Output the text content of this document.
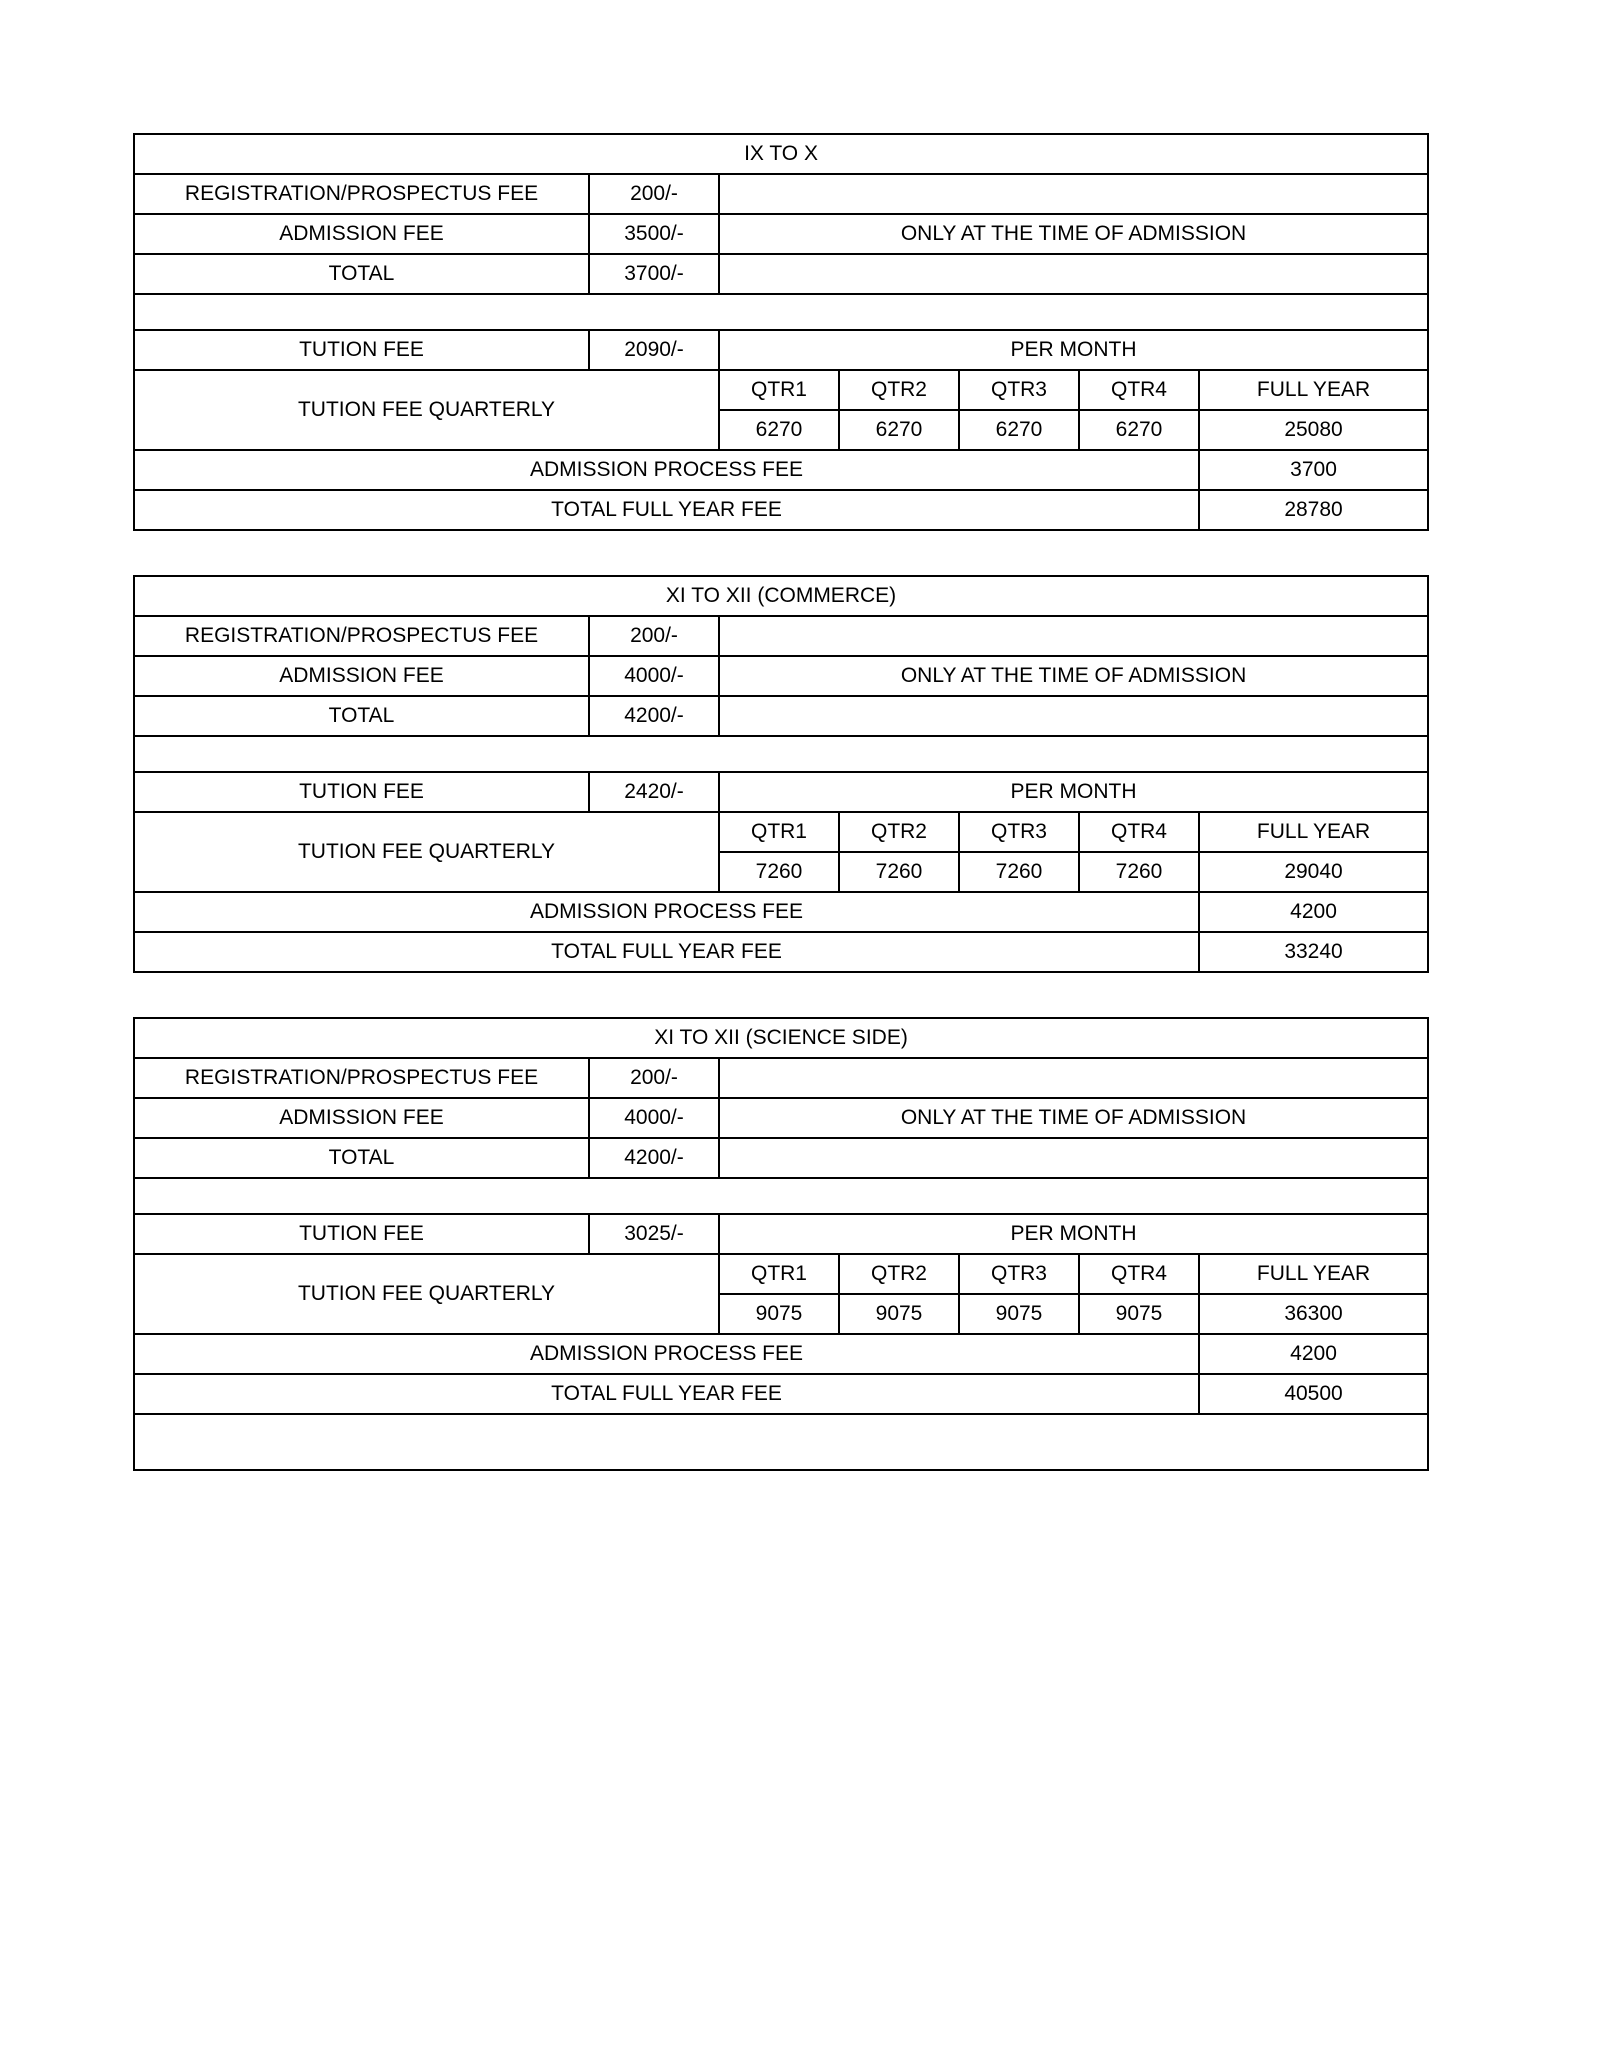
IX TO X						
REGISTRATION/PROSPECTUS FEE	200/-					
ADMISSION FEE	3500/-	ONLY AT THE TIME OF ADMISSION				
TOTAL	3700/-					

TUTION FEE	2090/-	PER MONTH				
TUTION FEE QUARTERLY		QTR1	QTR2	QTR3	QTR4	FULL YEAR
		6270	6270	6270	6270	25080
ADMISSION PROCESS FEE						3700
TOTAL FULL YEAR FEE						28780
XI TO XII (COMMERCE)						
REGISTRATION/PROSPECTUS FEE	200/-					
ADMISSION FEE	4000/-	ONLY AT THE TIME OF ADMISSION				
TOTAL	4200/-					

TUTION FEE	2420/-	PER MONTH				
TUTION FEE QUARTERLY		QTR1	QTR2	QTR3	QTR4	FULL YEAR
		7260	7260	7260	7260	29040
ADMISSION PROCESS FEE						4200
TOTAL FULL YEAR FEE						33240
XI TO XII (SCIENCE SIDE)						
REGISTRATION/PROSPECTUS FEE	200/-					
ADMISSION FEE	4000/-	ONLY AT THE TIME OF ADMISSION				
TOTAL	4200/-					

TUTION FEE	3025/-	PER MONTH				
TUTION FEE QUARTERLY		QTR1	QTR2	QTR3	QTR4	FULL YEAR
		9075	9075	9075	9075	36300
ADMISSION PROCESS FEE						4200
TOTAL FULL YEAR FEE						40500
